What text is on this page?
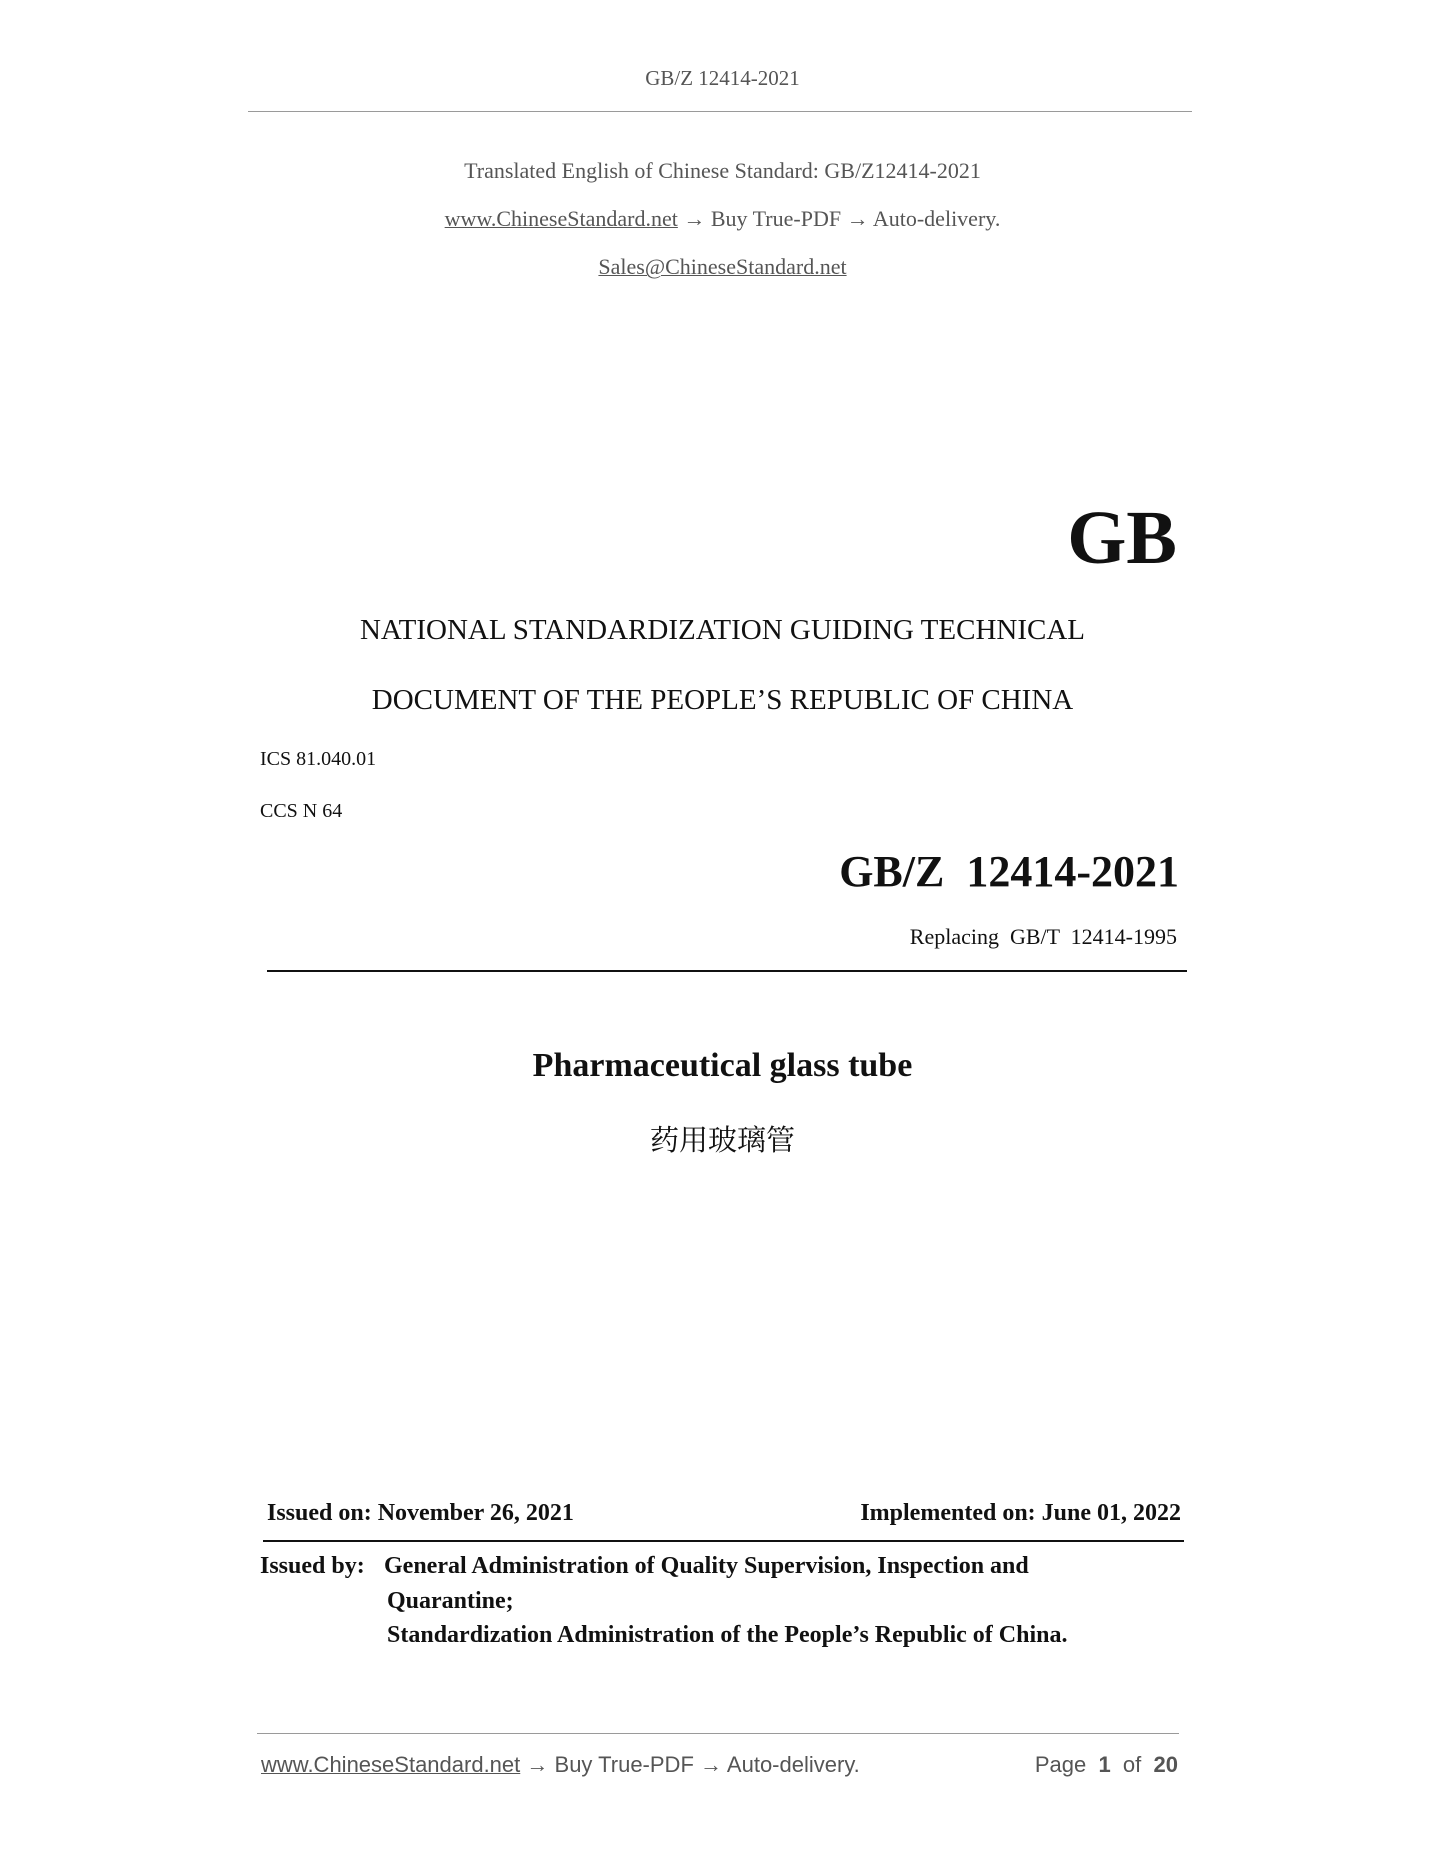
GB/Z 12414-2021
Translated English of Chinese Standard: GB/Z12414-2021
www.ChineseStandard.net → Buy True-PDF → Auto-delivery.
Sales@ChineseStandard.net
GB
NATIONAL STANDARDIZATION GUIDING TECHNICAL
DOCUMENT OF THE PEOPLE’S REPUBLIC OF CHINA
ICS 81.040.01
CCS N 64
GB/Z  12414-2021
Replacing  GB/T  12414-1995
Pharmaceutical glass tube
药用玻璃管
Issued on: November 26, 2021	Implemented on: June 01, 2022
Issued by: General Administration of Quality Supervision, Inspection and
Quarantine;
Standardization Administration of the People’s Republic of China.
www.ChineseStandard.net → Buy True-PDF → Auto-delivery.	Page 1 of 20
